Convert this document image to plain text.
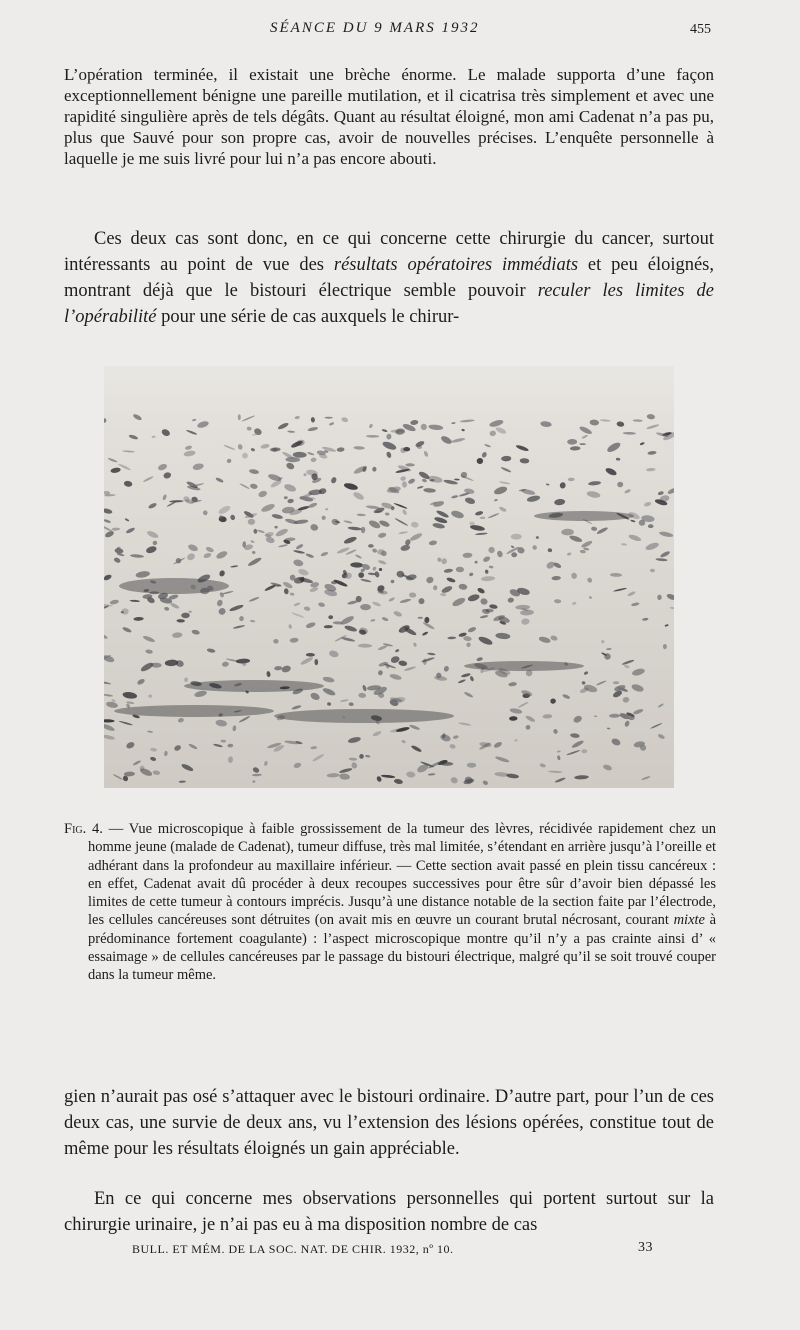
SÉANCE DU 9 MARS 1932	455

L’opération terminée, il existait une brèche énorme. Le malade supporta d’une façon exceptionnellement bénigne une pareille mutilation, et il cicatrisa très simplement et avec une rapidité singulière après de tels dégâts. Quant au résultat éloigné, mon ami Cadenat n’a pas pu, plus que Sauvé pour son propre cas, avoir de nouvelles précises. L’enquête personnelle à laquelle je me suis livré pour lui n’a pas encore abouti.

Ces deux cas sont donc, en ce qui concerne cette chirurgie du cancer, surtout intéressants au point de vue des résultats opératoires immédiats et peu éloignés, montrant déjà que le bistouri électrique semble pouvoir reculer les limites de l’opérabilité pour une série de cas auxquels le chirur-

Fig. 4. — Vue microscopique à faible grossissement de la tumeur des lèvres, récidivée rapidement chez un homme jeune (malade de Cadenat), tumeur diffuse, très mal limitée, s’étendant en arrière jusqu’à l’oreille et adhérant dans la profondeur au maxillaire inférieur. — Cette section avait passé en plein tissu cancéreux : en effet, Cadenat avait dû procéder à deux recoupes successives pour être sûr d’avoir bien dépassé les limites de cette tumeur à contours imprécis. Jusqu’à une distance notable de la section faite par l’électrode, les cellules cancéreuses sont détruites (on avait mis en œuvre un courant brutal nécrosant, courant mixte à prédominance fortement coagulante) : l’aspect microscopique montre qu’il n’y a pas crainte ainsi d’ « essaimage » de cellules cancéreuses par le passage du bistouri électrique, malgré qu’il se soit trouvé couper dans la tumeur même.

gien n’aurait pas osé s’attaquer avec le bistouri ordinaire. D’autre part, pour l’un de ces deux cas, une survie de deux ans, vu l’extension des lésions opérées, constitue tout de même pour les résultats éloignés un gain appréciable.

En ce qui concerne mes observations personnelles qui portent surtout sur la chirurgie urinaire, je n’ai pas eu à ma disposition nombre de cas

BULL. ET MÉM. DE LA SOC. NAT. DE CHIR. 1932, nº 10.	33
